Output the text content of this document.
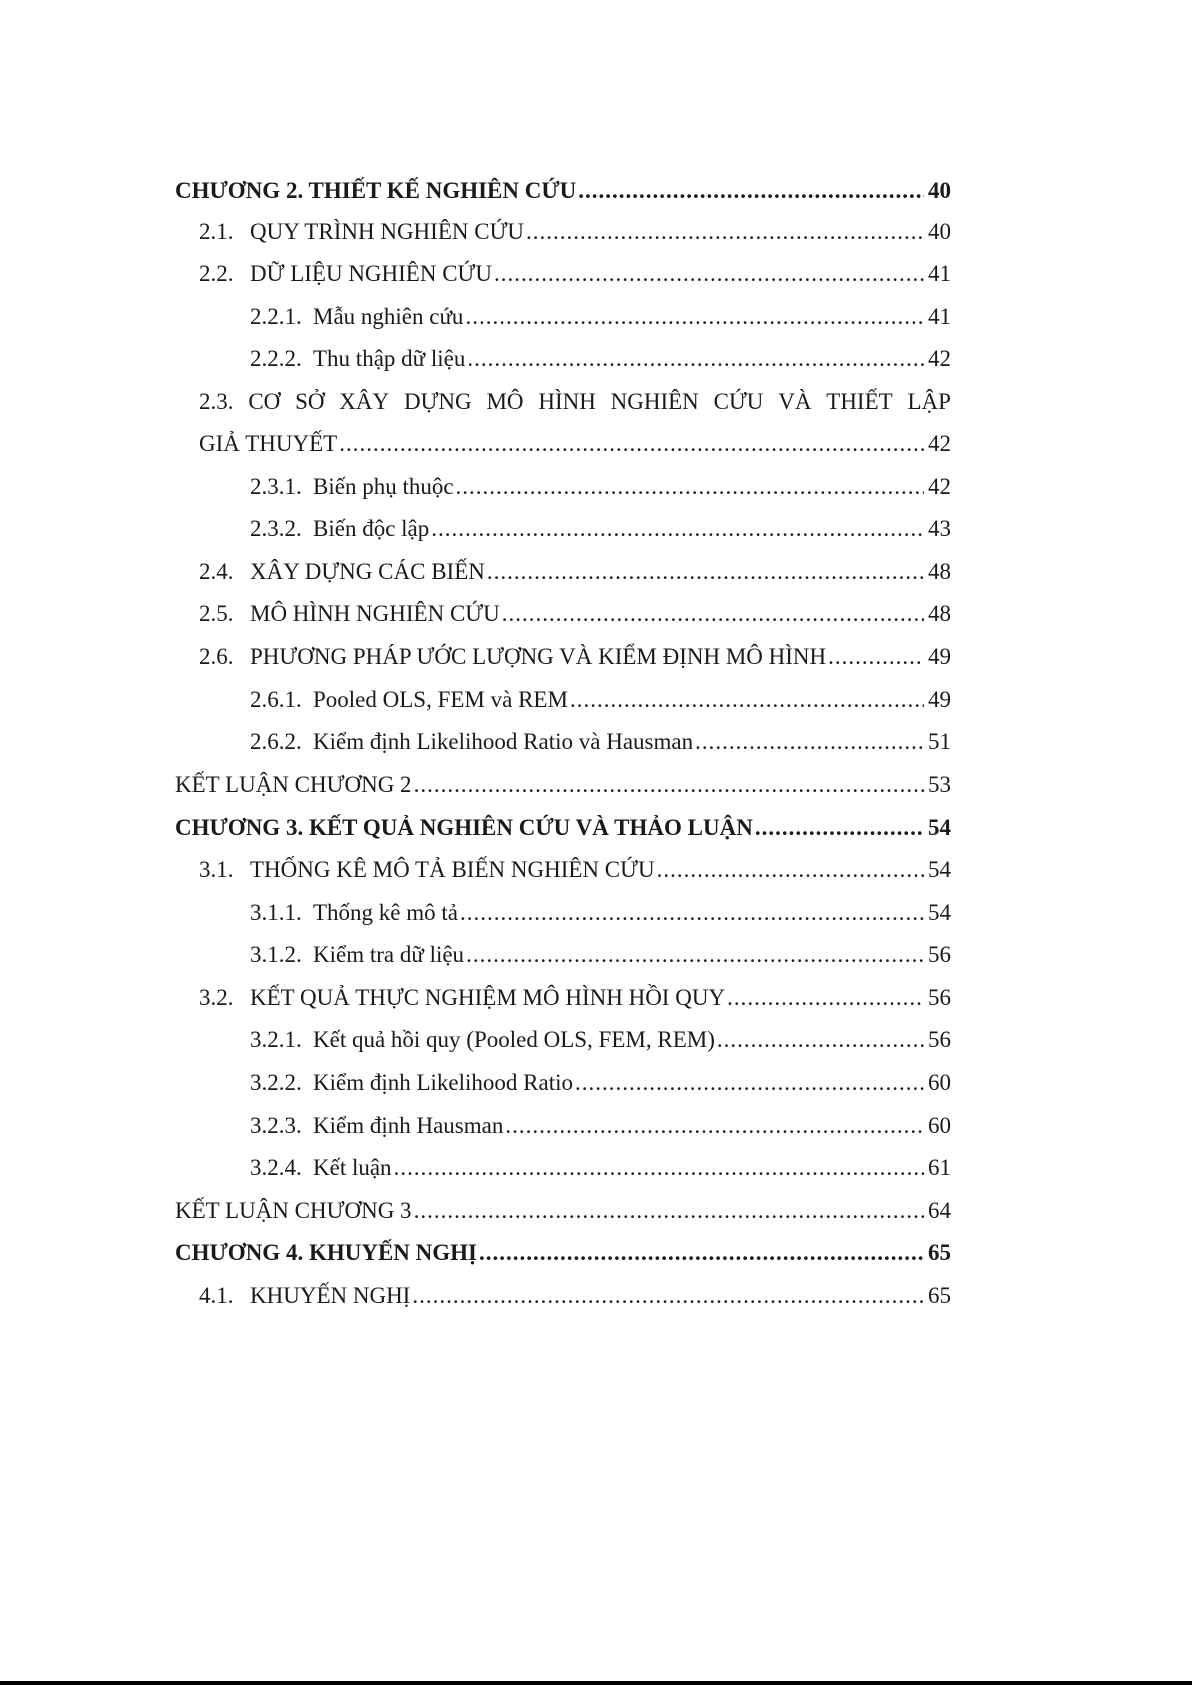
CHƯƠNG 2. THIẾT KẾ NGHIÊN CỨU .....	40
2.1. QUY TRÌNH NGHIÊN CỨU .....	40
2.2. DỮ LIỆU NGHIÊN CỨU .....	41
2.2.1. Mẫu nghiên cứu .....	41
2.2.2. Thu thập dữ liệu .....	42
2.3. CƠ SỞ XÂY DỰNG MÔ HÌNH NGHIÊN CỨU VÀ THIẾT LẬP
GIẢ THUYẾT .....	42
2.3.1. Biến phụ thuộc .....	42
2.3.2. Biến độc lập .....	43
2.4. XÂY DỰNG CÁC BIẾN .....	48
2.5. MÔ HÌNH NGHIÊN CỨU .....	48
2.6. PHƯƠNG PHÁP ƯỚC LƯỢNG VÀ KIỂM ĐỊNH MÔ HÌNH .....	49
2.6.1. Pooled OLS, FEM và REM .....	49
2.6.2. Kiểm định Likelihood Ratio và Hausman .....	51
KẾT LUẬN CHƯƠNG 2 .....	53
CHƯƠNG 3. KẾT QUẢ NGHIÊN CỨU VÀ THẢO LUẬN .....	54
3.1. THỐNG KÊ MÔ TẢ BIẾN NGHIÊN CỨU .....	54
3.1.1. Thống kê mô tả .....	54
3.1.2. Kiểm tra dữ liệu .....	56
3.2. KẾT QUẢ THỰC NGHIỆM MÔ HÌNH HỒI QUY .....	56
3.2.1. Kết quả hồi quy (Pooled OLS, FEM, REM) .....	56
3.2.2. Kiểm định Likelihood Ratio .....	60
3.2.3. Kiểm định Hausman .....	60
3.2.4. Kết luận .....	61
KẾT LUẬN CHƯƠNG 3 .....	64
CHƯƠNG 4. KHUYẾN NGHỊ .....	65
4.1. KHUYẾN NGHỊ .....	65
